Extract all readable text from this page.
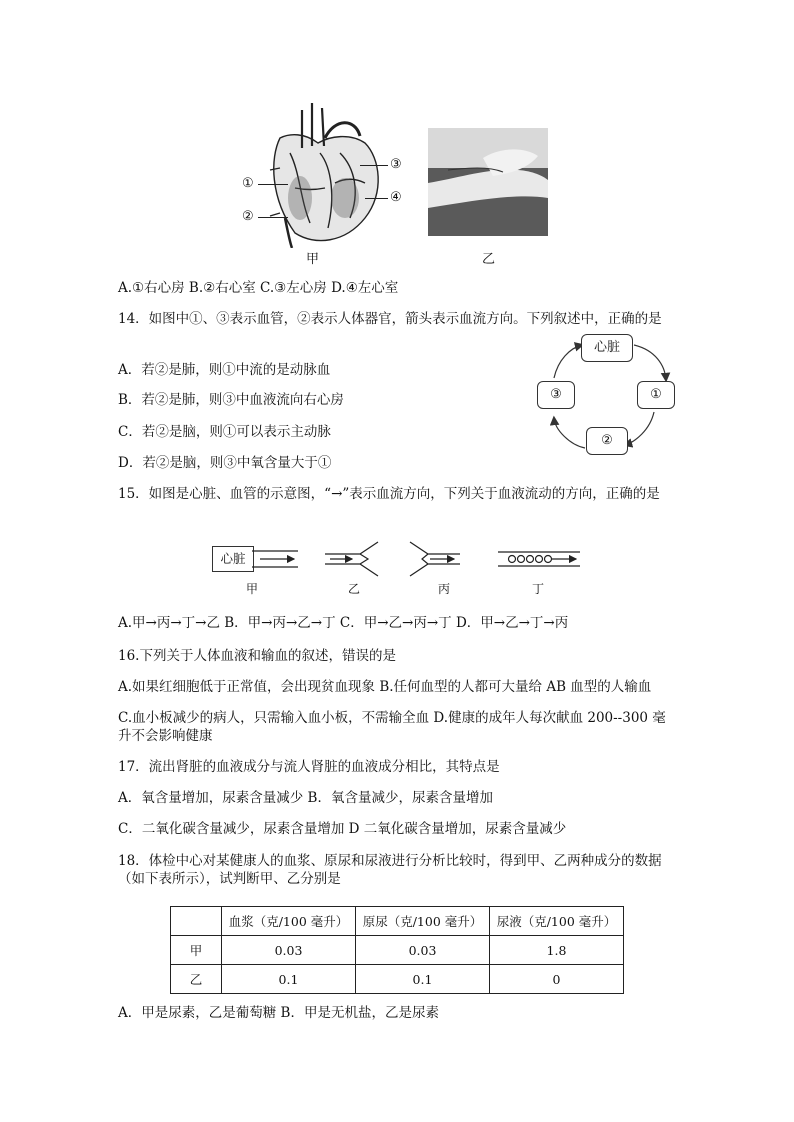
①
②
③
④
甲	乙
A.①右心房 B.②右心室 C.③左心房 D.④左心室
14．如图中①、③表示血管，②表示人体器官，箭头表示血流方向。下列叙述中，正确的是
A．若②是肺，则①中流的是动脉血
B．若②是肺，则③中血液流向右心房
C．若②是脑，则①可以表示主动脉
D．若②是脑，则③中氧含量大于①
心脏
①
②
③
15．如图是心脏、血管的示意图，“→”表示血流方向，下列关于血液流动的方向，正确的是
心脏
甲	乙	丙	丁
A.甲→丙→丁→乙 B．甲→丙→乙→丁 C．甲→乙→丙→丁 D．甲→乙→丁→丙
16.下列关于人体血液和输血的叙述，错误的是
A.如果红细胞低于正常值，会出现贫血现象 B.任何血型的人都可大量给 AB 血型的人输血
C.血小板减少的病人，只需输入血小板，不需输全血 D.健康的成年人每次献血 200--300 毫升不会影响健康
17．流出肾脏的血液成分与流人肾脏的血液成分相比，其特点是
A．氧含量增加，尿素含量减少 B．氧含量减少，尿素含量增加
C．二氧化碳含量减少，尿素含量增加 D 二氧化碳含量增加，尿素含量减少
18．体检中心对某健康人的血浆、原尿和尿液进行分析比较时，得到甲、乙两种成分的数据（如下表所示），试判断甲、乙分别是
	血浆（克/100 毫升）	原尿（克/100 毫升）	尿液（克/100 毫升）
甲	0.03	0.03	1.8
乙	0.1	0.1	0
A．甲是尿素，乙是葡萄糖 B．甲是无机盐，乙是尿素
